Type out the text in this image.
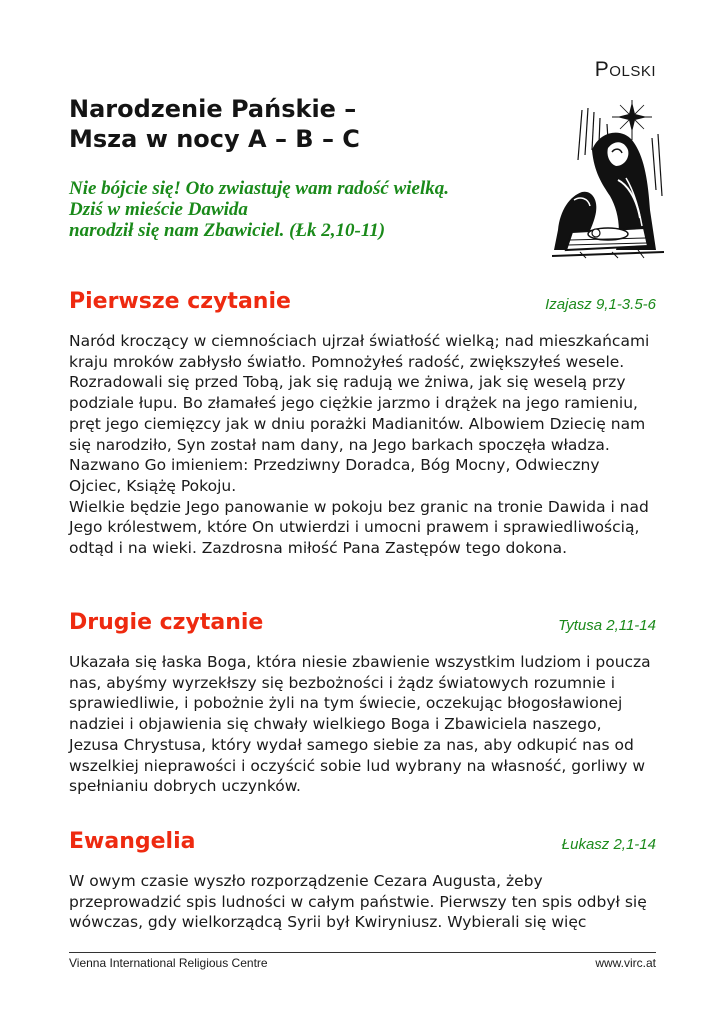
Polski
Narodzenie Pańskie –
Msza w nocy A – B – C

Nie bójcie się! Oto zwiastuję wam radość wielką.
Dziś w mieście Dawida
narodził się nam Zbawiciel. (Łk 2,10-11)

Pierwsze czytanie	Izajasz 9,1-3.5-6

Naród kroczący w ciemnościach ujrzał światłość wielką; nad mieszkańcami kraju mroków zabłysło światło. Pomnożyłeś radość, zwiększyłeś wesele. Rozradowali się przed Tobą, jak się radują we żniwa, jak się weselą przy podziale łupu. Bo złamałeś jego ciężkie jarzmo i drążek na jego ramieniu, pręt jego ciemięzcy jak w dniu porażki Madianitów. Albowiem Dziecię nam się narodziło, Syn został nam dany, na Jego barkach spoczęła władza. Nazwano Go imieniem: Przedziwny Doradca, Bóg Mocny, Odwieczny Ojciec, Książę Pokoju.

Wielkie będzie Jego panowanie w pokoju bez granic na tronie Dawida i nad Jego królestwem, które On utwierdzi i umocni prawem i sprawiedliwością, odtąd i na wieki. Zazdrosna miłość Pana Zastępów tego dokona.

Drugie czytanie	Tytusa 2,11-14

Ukazała się łaska Boga, która niesie zbawienie wszystkim ludziom i poucza nas, abyśmy wyrzekłszy się bezbożności i żądz światowych rozumnie i sprawiedliwie, i pobożnie żyli na tym świecie, oczekując błogosławionej nadziei i objawienia się chwały wielkiego Boga i Zbawiciela naszego, Jezusa Chrystusa, który wydał samego siebie za nas, aby odkupić nas od wszelkiej nieprawości i oczyścić sobie lud wybrany na własność, gorliwy w spełnianiu dobrych uczynków.

Ewangelia	Łukasz 2,1-14

W owym czasie wyszło rozporządzenie Cezara Augusta, żeby przeprowadzić spis ludności w całym państwie. Pierwszy ten spis odbył się wówczas, gdy wielkorządcą Syrii był Kwiryniusz. Wybierali się więc

Vienna International Religious Centre	www.virc.at
